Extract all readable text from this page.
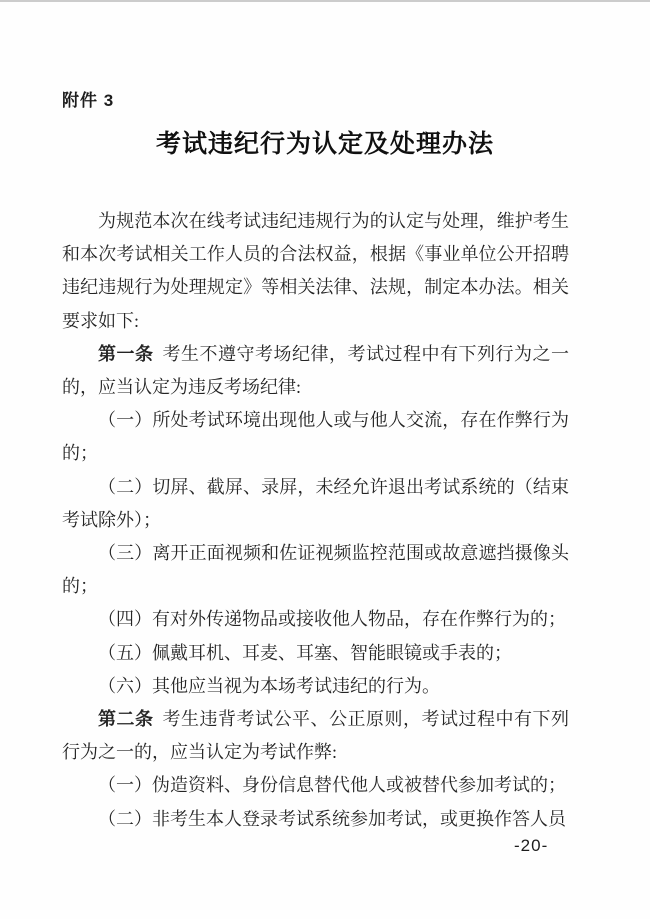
附件 3
考试违纪行为认定及处理办法

为规范本次在线考试违纪违规行为的认定与处理，维护考生和本次考试相关工作人员的合法权益，根据《事业单位公开招聘违纪违规行为处理规定》等相关法律、法规，制定本办法。相关要求如下:

第一条 考生不遵守考场纪律，考试过程中有下列行为之一的，应当认定为违反考场纪律:

（一）所处考试环境出现他人或与他人交流，存在作弊行为的；

（二）切屏、截屏、录屏，未经允许退出考试系统的（结束考试除外）；

（三）离开正面视频和佐证视频监控范围或故意遮挡摄像头的；

（四）有对外传递物品或接收他人物品，存在作弊行为的；

（五）佩戴耳机、耳麦、耳塞、智能眼镜或手表的；

（六）其他应当视为本场考试违纪的行为。

第二条 考生违背考试公平、公正原则，考试过程中有下列行为之一的，应当认定为考试作弊:

（一）伪造资料、身份信息替代他人或被替代参加考试的；

（二）非考生本人登录考试系统参加考试，或更换作答人员

-20-
